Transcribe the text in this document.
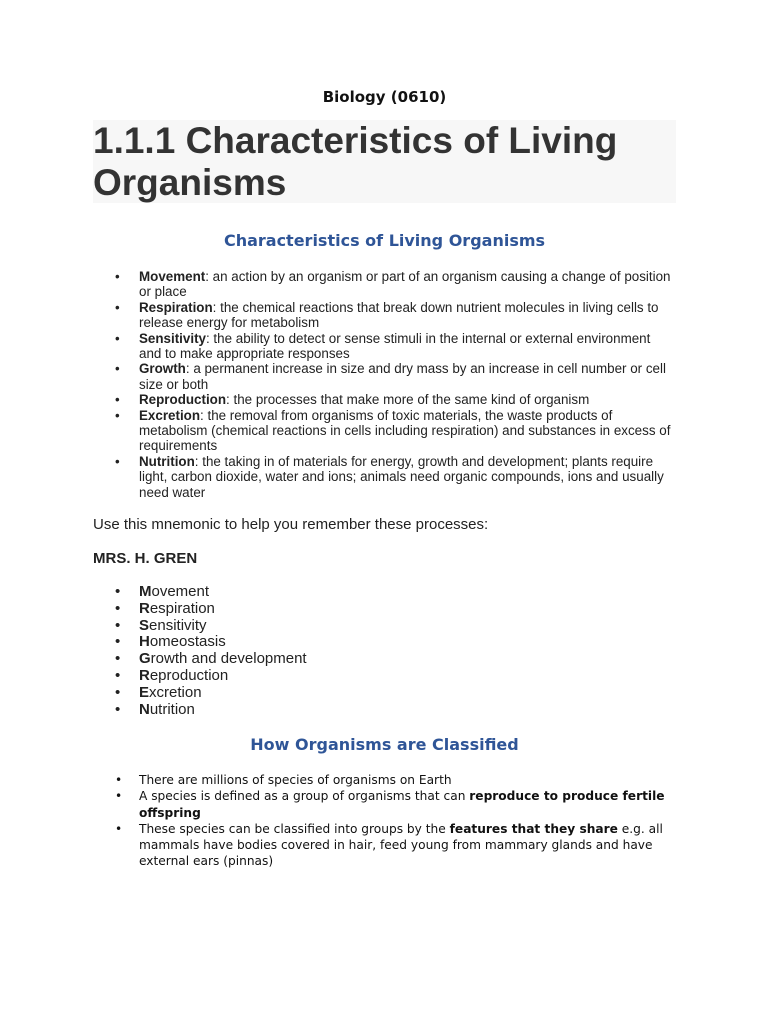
Biology (0610)
1.1.1 Characteristics of Living Organisms
Characteristics of Living Organisms
• Movement: an action by an organism or part of an organism causing a change of position or place
• Respiration: the chemical reactions that break down nutrient molecules in living cells to release energy for metabolism
• Sensitivity: the ability to detect or sense stimuli in the internal or external environment and to make appropriate responses
• Growth: a permanent increase in size and dry mass by an increase in cell number or cell size or both
• Reproduction: the processes that make more of the same kind of organism
• Excretion: the removal from organisms of toxic materials, the waste products of metabolism (chemical reactions in cells including respiration) and substances in excess of requirements
• Nutrition: the taking in of materials for energy, growth and development; plants require light, carbon dioxide, water and ions; animals need organic compounds, ions and usually need water
Use this mnemonic to help you remember these processes:
MRS. H. GREN
• Movement
• Respiration
• Sensitivity
• Homeostasis
• Growth and development
• Reproduction
• Excretion
• Nutrition
How Organisms are Classified
• There are millions of species of organisms on Earth
• A species is defined as a group of organisms that can reproduce to produce fertile offspring
• These species can be classified into groups by the features that they share e.g. all mammals have bodies covered in hair, feed young from mammary glands and have external ears (pinnas)
